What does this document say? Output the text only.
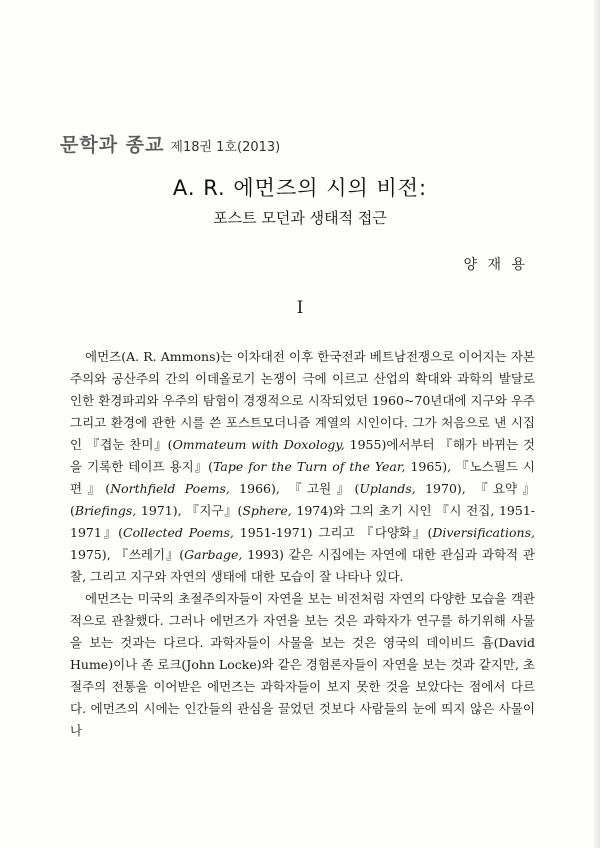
문학과 종교 제18권 1호(2013)
A. R. 에먼즈의 시의 비전:
포스트 모던과 생태적 접근
양 재 용
I

에먼즈(A. R. Ammons)는 이차대전 이후 한국전과 베트남전쟁으로 이어지는 자본주의와 공산주의 간의 이데올로기 논쟁이 극에 이르고 산업의 확대와 과학의 발달로 인한 환경파괴와 우주의 탐험이 경쟁적으로 시작되었던 1960~70년대에 지구와 우주 그리고 환경에 관한 시를 쓴 포스트모더니즘 계열의 시인이다. 그가 처음으로 낸 시집인 『겹눈 찬미』(Ommateum with Doxology, 1955)에서부터 『해가 바뀌는 것을 기록한 테이프 용지』(Tape for the Turn of the Year, 1965), 『노스필드 시편』(Northfield Poems, 1966), 『고원』(Uplands, 1970), 『요약』(Briefings, 1971), 『지구』(Sphere, 1974)와 그의 초기 시인 『시 전집, 1951-1971』(Collected Poems, 1951-1971) 그리고 『다양화』(Diversifications, 1975), 『쓰레기』(Garbage, 1993) 같은 시집에는 자연에 대한 관심과 과학적 관찰, 그리고 지구와 자연의 생태에 대한 모습이 잘 나타나 있다.

에먼즈는 미국의 초절주의자들이 자연을 보는 비전처럼 자연의 다양한 모습을 객관적으로 관찰했다. 그러나 에먼즈가 자연을 보는 것은 과학자가 연구를 하기위해 사물을 보는 것과는 다르다. 과학자들이 사물을 보는 것은 영국의 데이비드 흄(David Hume)이나 존 로크(John Locke)와 같은 경험론자들이 자연을 보는 것과 같지만, 초절주의 전통을 이어받은 에먼즈는 과학자들이 보지 못한 것을 보았다는 점에서 다르다. 에먼즈의 시에는 인간들의 관심을 끌었던 것보다 사람들의 눈에 띄지 않은 사물이나
